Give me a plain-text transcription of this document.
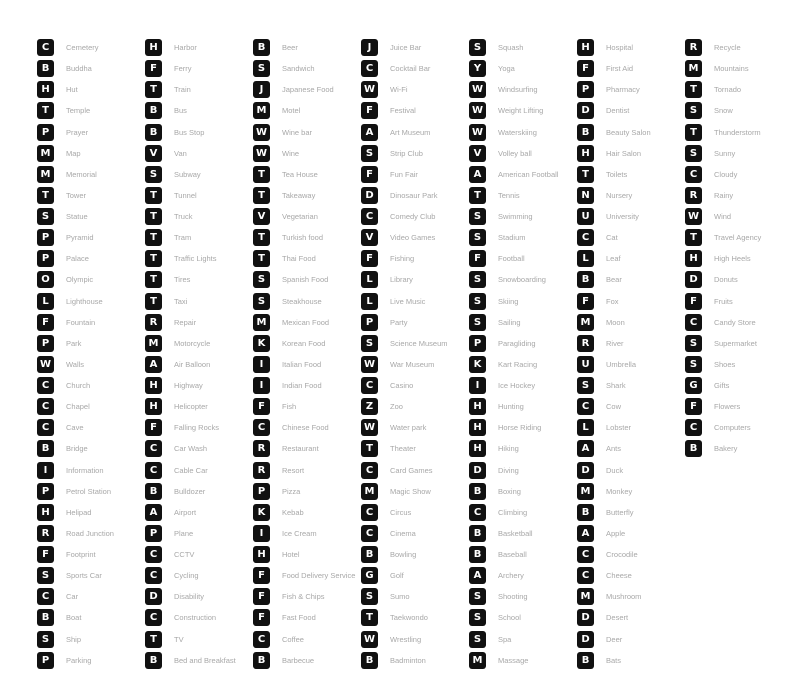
C	Cemetery
B	Buddha
H	Hut
T	Temple
P	Prayer
M	Map
M	Memorial
T	Tower
S	Statue
P	Pyramid
P	Palace
O	Olympic
L	Lighthouse
F	Fountain
P	Park
W	Walls
C	Church
C	Chapel
C	Cave
B	Bridge
I	Information
P	Petrol Station
H	Helipad
R	Road Junction
F	Footprint
S	Sports Car
C	Car
B	Boat
S	Ship
P	Parking
H	Harbor
F	Ferry
T	Train
B	Bus
B	Bus Stop
V	Van
S	Subway
T	Tunnel
T	Truck
T	Tram
T	Traffic Lights
T	Tires
T	Taxi
R	Repair
M	Motorcycle
A	Air Balloon
H	Highway
H	Helicopter
F	Falling Rocks
C	Car Wash
C	Cable Car
B	Bulldozer
A	Airport
P	Plane
C	CCTV
C	Cycling
D	Disability
C	Construction
T	TV
B	Bed and Breakfast
B	Beer
S	Sandwich
J	Japanese Food
M	Motel
W	Wine bar
W	Wine
T	Tea House
T	Takeaway
V	Vegetarian
T	Turkish food
T	Thai Food
S	Spanish Food
S	Steakhouse
M	Mexican Food
K	Korean Food
I	Italian Food
I	Indian Food
F	Fish
C	Chinese Food
R	Restaurant
R	Resort
P	Pizza
K	Kebab
I	Ice Cream
H	Hotel
F	Food Delivery Service
F	Fish & Chips
F	Fast Food
C	Coffee
B	Barbecue
J	Juice Bar
C	Cocktail Bar
W	Wi-Fi
F	Festival
A	Art Museum
S	Strip Club
F	Fun Fair
D	Dinosaur Park
C	Comedy Club
V	Video Games
F	Fishing
L	Library
L	Live Music
P	Party
S	Science Museum
W	War Museum
C	Casino
Z	Zoo
W	Water park
T	Theater
C	Card Games
M	Magic Show
C	Circus
C	Cinema
B	Bowling
G	Golf
S	Sumo
T	Taekwondo
W	Wrestling
B	Badminton
S	Squash
Y	Yoga
W	Windsurfing
W	Weight Lifting
W	Waterskiing
V	Volley ball
A	American Football
T	Tennis
S	Swimming
S	Stadium
F	Football
S	Snowboarding
S	Skiing
S	Sailing
P	Paragliding
K	Kart Racing
I	Ice Hockey
H	Hunting
H	Horse Riding
H	Hiking
D	Diving
B	Boxing
C	Climbing
B	Basketball
B	Baseball
A	Archery
S	Shooting
S	School
S	Spa
M	Massage
H	Hospital
F	First Aid
P	Pharmacy
D	Dentist
B	Beauty Salon
H	Hair Salon
T	Toilets
N	Nursery
U	University
C	Cat
L	Leaf
B	Bear
F	Fox
M	Moon
R	River
U	Umbrella
S	Shark
C	Cow
L	Lobster
A	Ants
D	Duck
M	Monkey
B	Butterfly
A	Apple
C	Crocodile
C	Cheese
M	Mushroom
D	Desert
D	Deer
B	Bats
R	Recycle
M	Mountains
T	Tornado
S	Snow
T	Thunderstorm
S	Sunny
C	Cloudy
R	Rainy
W	Wind
T	Travel Agency
H	High Heels
D	Donuts
F	Fruits
C	Candy Store
S	Supermarket
S	Shoes
G	Gifts
F	Flowers
C	Computers
B	Bakery
